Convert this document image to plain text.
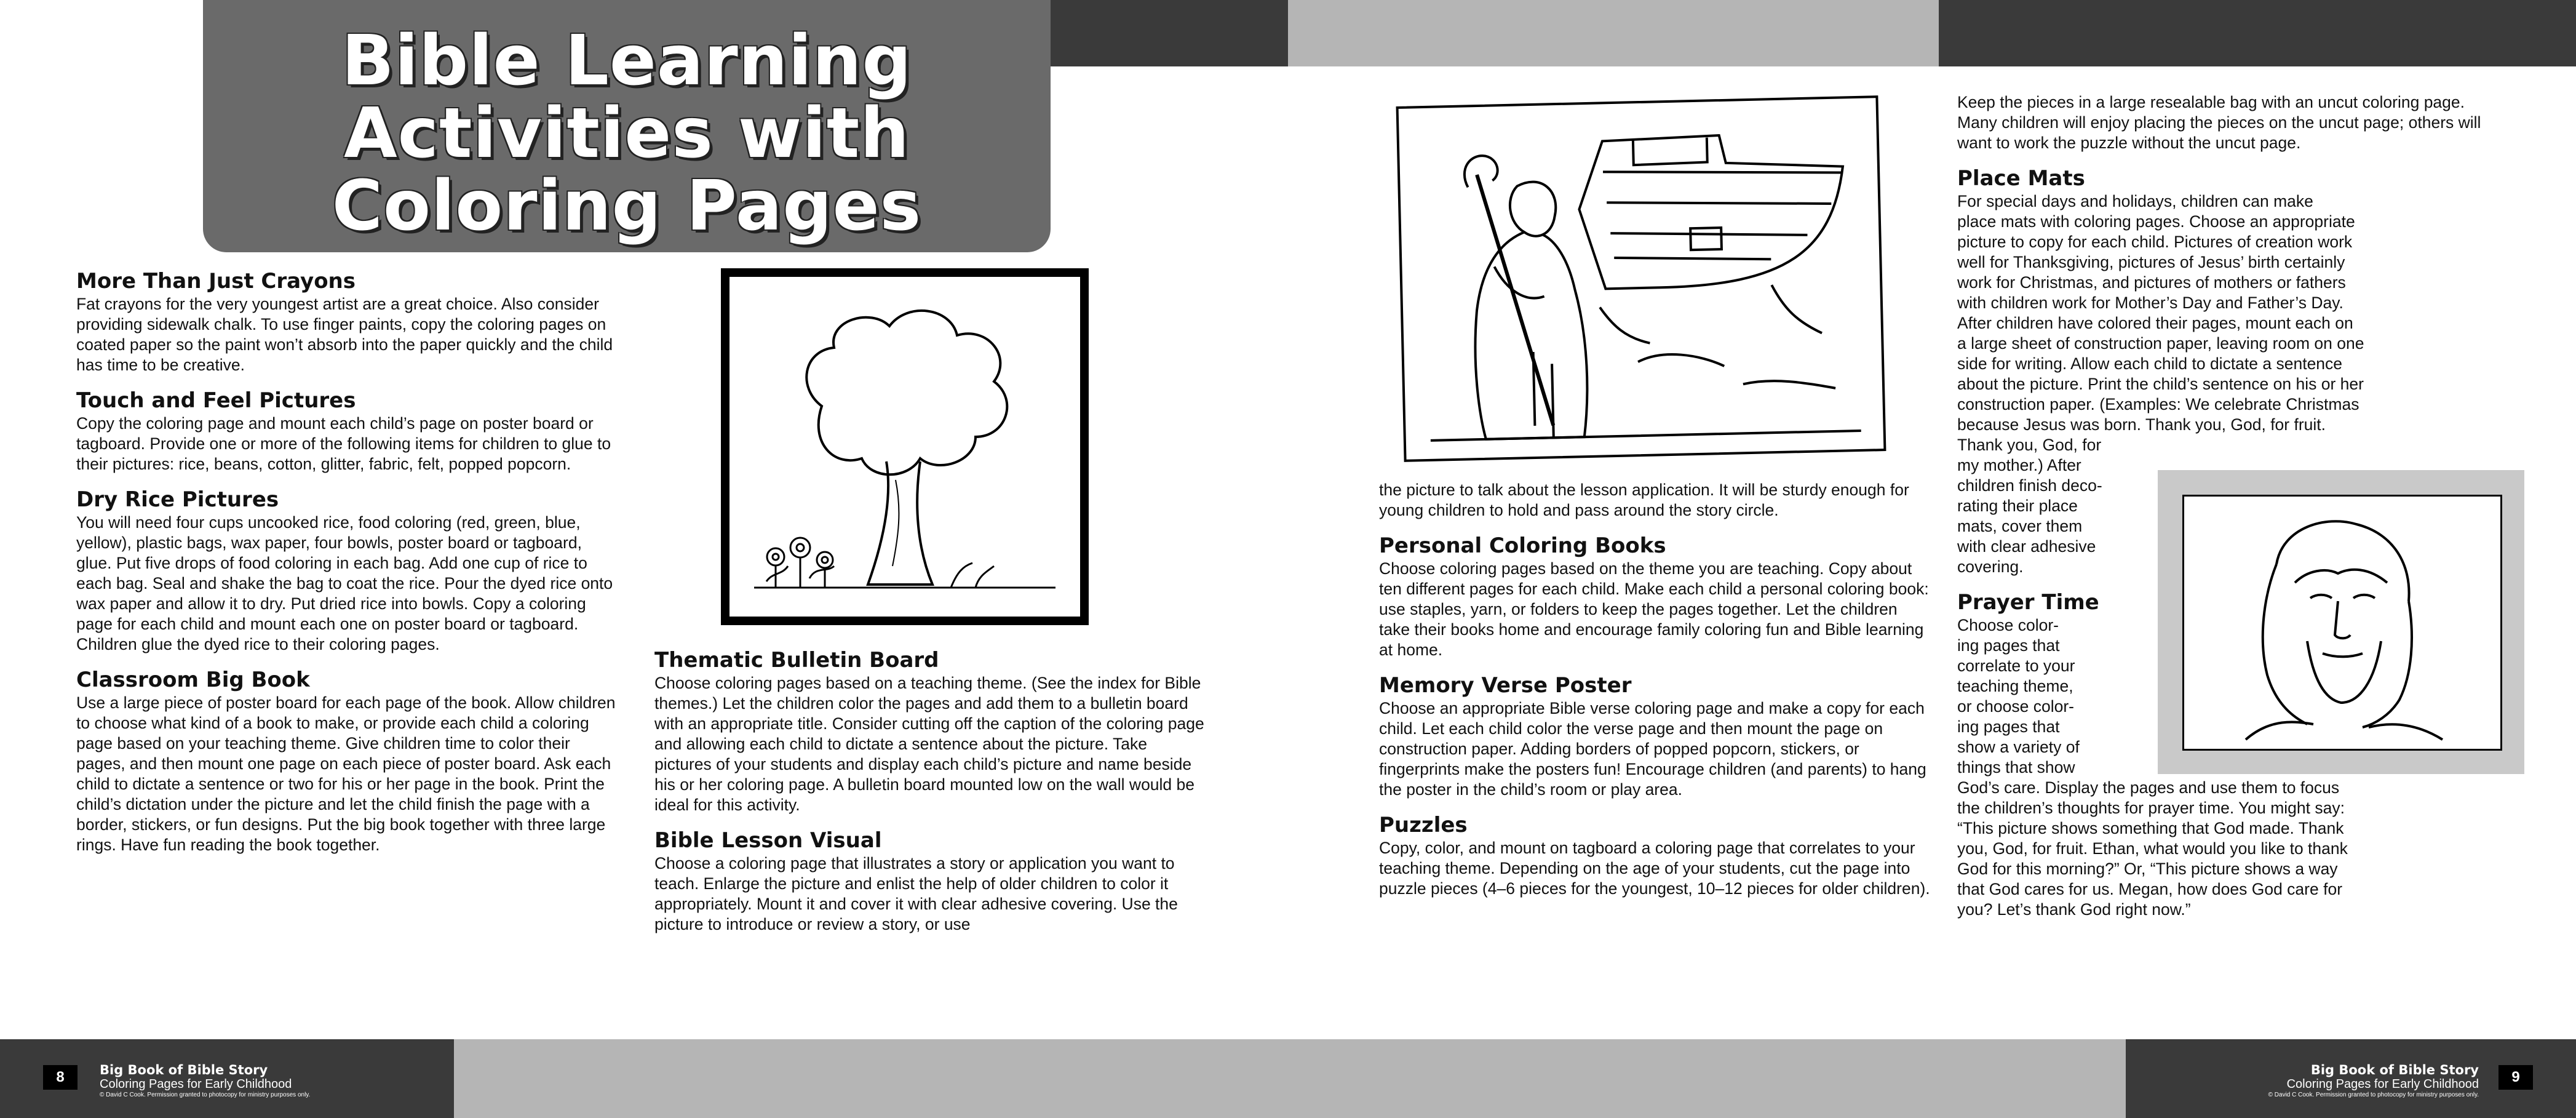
Bible Learning
Activities with
Coloring Pages
More Than Just Crayons

Fat crayons for the very youngest artist are a great choice. Also consider providing sidewalk chalk. To use finger paints, copy the coloring pages on coated paper so the paint won’t absorb into the paper quickly and the child has time to be creative.

Touch and Feel Pictures

Copy the coloring page and mount each child’s page on poster board or tagboard. Provide one or more of the following items for children to glue to their pictures: rice, beans, cotton, glitter, fabric, felt, popped popcorn.

Dry Rice Pictures

You will need four cups uncooked rice, food coloring (red, green, blue, yellow), plastic bags, wax paper, four bowls, poster board or tagboard, glue. Put five drops of food coloring in each bag. Add one cup of rice to each bag. Seal and shake the bag to coat the rice. Pour the dyed rice onto wax paper and allow it to dry. Put dried rice into bowls. Copy a coloring page for each child and mount each one on poster board or tagboard. Children glue the dyed rice to their coloring pages.

Classroom Big Book

Use a large piece of poster board for each page of the book. Allow children to choose what kind of a book to make, or provide each child a coloring page based on your teaching theme. Give children time to color their pages, and then mount one page on each piece of poster board. Ask each child to dictate a sentence or two for his or her page in the book. Print the child’s dictation under the picture and let the child finish the page with a border, stickers, or fun designs. Put the big book together with three large rings. Have fun reading the book together.

Thematic Bulletin Board

Choose coloring pages based on a teaching theme. (See the index for Bible themes.) Let the children color the pages and add them to a bulletin board with an appropriate title. Consider cutting off the caption of the coloring page and allowing each child to dictate a sentence about the picture. Take pictures of your students and display each child’s picture and name beside his or her coloring page. A bulletin board mounted low on the wall would be ideal for this activity.

Bible Lesson Visual

Choose a coloring page that illustrates a story or application you want to teach. Enlarge the picture and enlist the help of older children to color it appropriately. Mount it and cover it with clear adhesive covering. Use the picture to introduce or review a story, or use

8	Big Book of Bible Story
Coloring Pages for Early Childhood
© David C Cook. Permission granted to photocopy for ministry purposes only.

the picture to talk about the lesson application. It will be sturdy enough for young children to hold and pass around the story circle.

Personal Coloring Books

Choose coloring pages based on the theme you are teaching. Copy about ten different pages for each child. Make each child a personal coloring book: use staples, yarn, or folders to keep the pages together. Let the children take their books home and encourage family coloring fun and Bible learning at home.

Memory Verse Poster

Choose an appropriate Bible verse coloring page and make a copy for each child. Let each child color the verse page and then mount the page on construction paper. Adding borders of popped popcorn, stickers, or fingerprints make the posters fun! Encourage children (and parents) to hang the poster in the child’s room or play area.

Puzzles

Copy, color, and mount on tagboard a coloring page that correlates to your teaching theme. Depending on the age of your students, cut the page into puzzle pieces (4–6 pieces for the youngest, 10–12 pieces for older children).

Keep the pieces in a large resealable bag with an uncut coloring page. Many children will enjoy placing the pieces on the uncut page; others will want to work the puzzle without the uncut page.

Place Mats

For special days and holidays, children can make
place mats with coloring pages. Choose an appropriate
picture to copy for each child. Pictures of creation work
well for Thanksgiving, pictures of Jesus’ birth certainly
work for Christmas, and pictures of mothers or fathers
with children work for Mother’s Day and Father’s Day.
After children have colored their pages, mount each on
a large sheet of construction paper, leaving room on one
side for writing. Allow each child to dictate a sentence
about the picture. Print the child’s sentence on his or her
construction paper. (Examples: We celebrate Christmas
because Jesus was born. Thank you, God, for fruit.
Thank you, God, for
my mother.) After
children finish deco-
rating their place
mats, cover them
with clear adhesive
covering.

Prayer Time

Choose color-
ing pages that
correlate to your
teaching theme,
or choose color-
ing pages that
show a variety of
things that show
God’s care. Display the pages and use them to focus
the children’s thoughts for prayer time. You might say:
“This picture shows something that God made. Thank
you, God, for fruit. Ethan, what would you like to thank
God for this morning?” Or, “This picture shows a way
that God cares for us. Megan, how does God care for
you? Let’s thank God right now.”

Big Book of Bible Story
Coloring Pages for Early Childhood
© David C Cook. Permission granted to photocopy for ministry purposes only.
9
